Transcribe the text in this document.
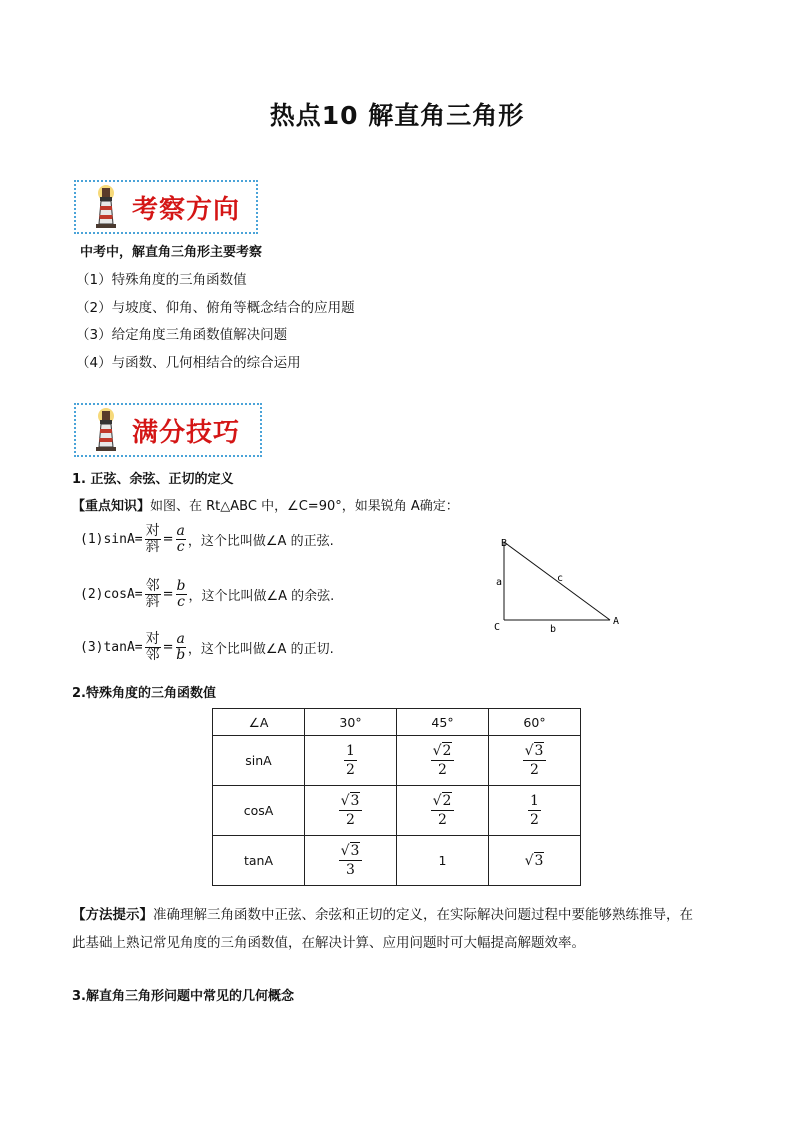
热点10 解直角三角形
考察方向
中考中，解直角三角形主要考察
（1）特殊角度的三角函数值
（2）与坡度、仰角、俯角等概念结合的应用题
（3）给定角度三角函数值解决问题
（4）与函数、几何相结合的综合运用
满分技巧
1. 正弦、余弦、正切的定义
【重点知识】如图、在 Rt△ABC 中，∠C=90°，如果锐角 A确定：
$(1)\sin A= \frac{\text{对}}{\text{斜}} = \frac{a}{c}$ ，这个比叫做∠A 的正弦.
$(2)\cos A= \frac{\text{邻}}{\text{斜}} = \frac{b}{c}$ ，这个比叫做∠A 的余弦.
$(3)\tan A= \frac{\text{对}}{\text{邻}} = \frac{a}{b}$ ，这个比叫做∠A 的正切.
B
C
A
a
b
c
2.特殊角度的三角函数值
∠A	30°	45°	60°
sinA	$\frac{1}{2}$	$\frac{√2}{2}$	$\frac{√3}{2}$

cosA	$\frac{√3}{2}$	$\frac{√2}{2}$	$\frac{1}{2}$

tanA	$\frac{√3}{3}$	1	√3
【方法提示】准确理解三角函数中正弦、余弦和正切的定义，在实际解决问题过程中要能够熟练推导，在
此基础上熟记常见角度的三角函数值，在解决计算、应用问题时可大幅提高解题效率。
3.解直角三角形问题中常见的几何概念
